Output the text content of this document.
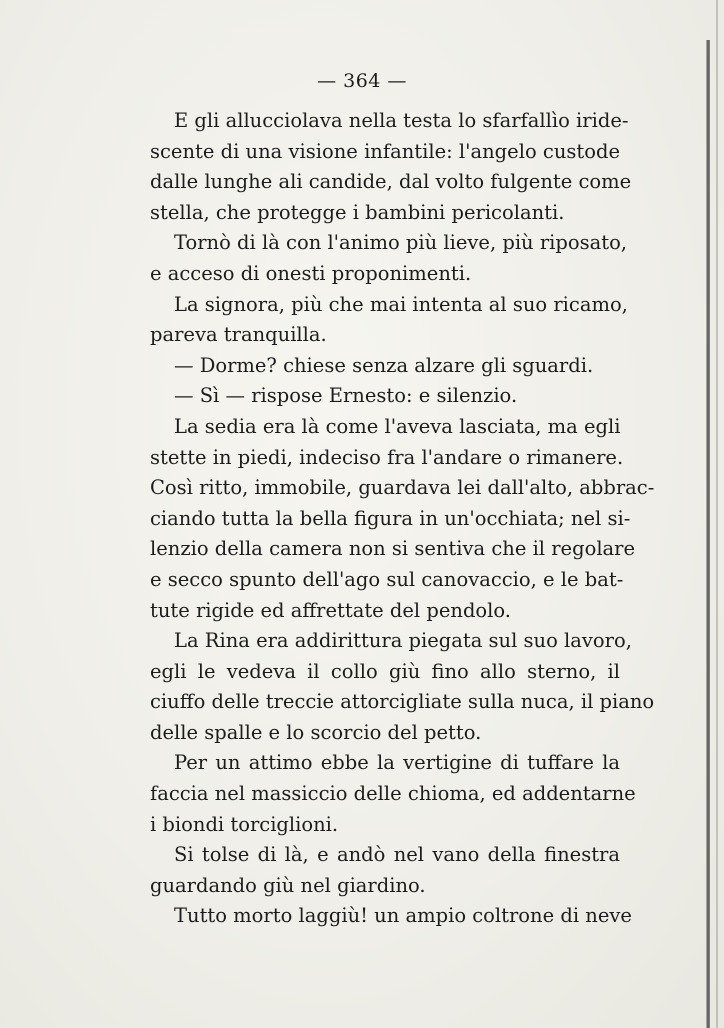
— 364 —
E gli allucciolava nella testa lo sfarfallìo iride-
scente di una visione infantile: l'angelo custode
dalle lunghe ali candide, dal volto fulgente come
stella, che protegge i bambini pericolanti.
Tornò di là con l'animo più lieve, più riposato,
e acceso di onesti proponimenti.
La signora, più che mai intenta al suo ricamo,
pareva tranquilla.
— Dorme? chiese senza alzare gli sguardi.
— Sì — rispose Ernesto: e silenzio.
La sedia era là come l'aveva lasciata, ma egli
stette in piedi, indeciso fra l'andare o rimanere.
Così ritto, immobile, guardava lei dall'alto, abbrac-
ciando tutta la bella figura in un'occhiata; nel si-
lenzio della camera non si sentiva che il regolare
e secco spunto dell'ago sul canovaccio, e le bat-
tute rigide ed affrettate del pendolo.
La Rina era addirittura piegata sul suo lavoro,
egli le vedeva il collo giù fino allo sterno, il
ciuffo delle treccie attorcigliate sulla nuca, il piano
delle spalle e lo scorcio del petto.
Per un attimo ebbe la vertigine di tuffare la
faccia nel massiccio delle chioma, ed addentarne
i biondi torciglioni.
Si tolse di là, e andò nel vano della finestra
guardando giù nel giardino.
Tutto morto laggiù! un ampio coltrone di neve
